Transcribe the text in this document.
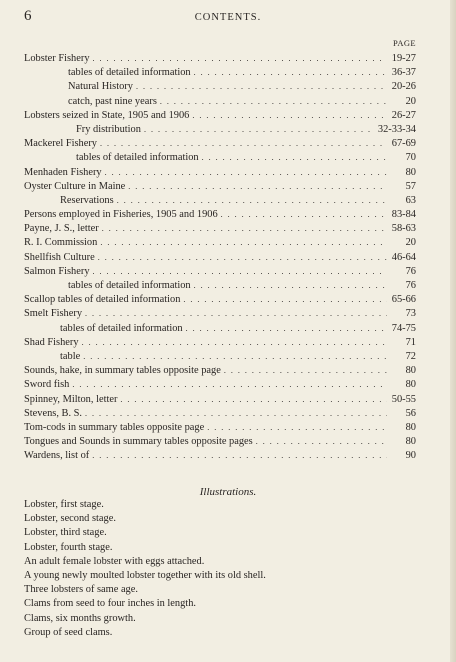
6	CONTENTS.
PAGE
Lobster Fishery . . .	19-27
tables of detailed information . . .	36-37
Natural History . . .	20-26
catch, past nine years . . .	20
Lobsters seized in State, 1905 and 1906 . . .	26-27
Fry distribution . . .	32-33-34
Mackerel Fishery . . .	67-69
tables of detailed information . . .	70
Menhaden Fishery . . .	80
Oyster Culture in Maine . . .	57
Reservations . . .	63
Persons employed in Fisheries, 1905 and 1906 . . .	83-84
Payne, J. S., letter . . .	58-63
R. I. Commission . . .	20
Shellfish Culture . . .	46-64
Salmon Fishery . . .	76
tables of detailed information . . .	76
Scallop tables of detailed information . . .	65-66
Smelt Fishery . . .	73
tables of detailed information . . .	74-75
Shad Fishery . . .	71
table . . .	72
Sounds, hake, in summary tables opposite page . . .	80
Sword fish . . .	80
Spinney, Milton, letter . . .	50-55
Stevens, B. S. . . .	56
Tom-cods in summary tables opposite page . . .	80
Tongues and Sounds in summary tables opposite pages . . .	80
Wardens, list of . . .	90
Illustrations.
Lobster, first stage.
Lobster, second stage.
Lobster, third stage.
Lobster, fourth stage.
An adult female lobster with eggs attached.
A young newly moulted lobster together with its old shell.
Three lobsters of same age.
Clams from seed to four inches in length.
Clams, six months growth.
Group of seed clams.
